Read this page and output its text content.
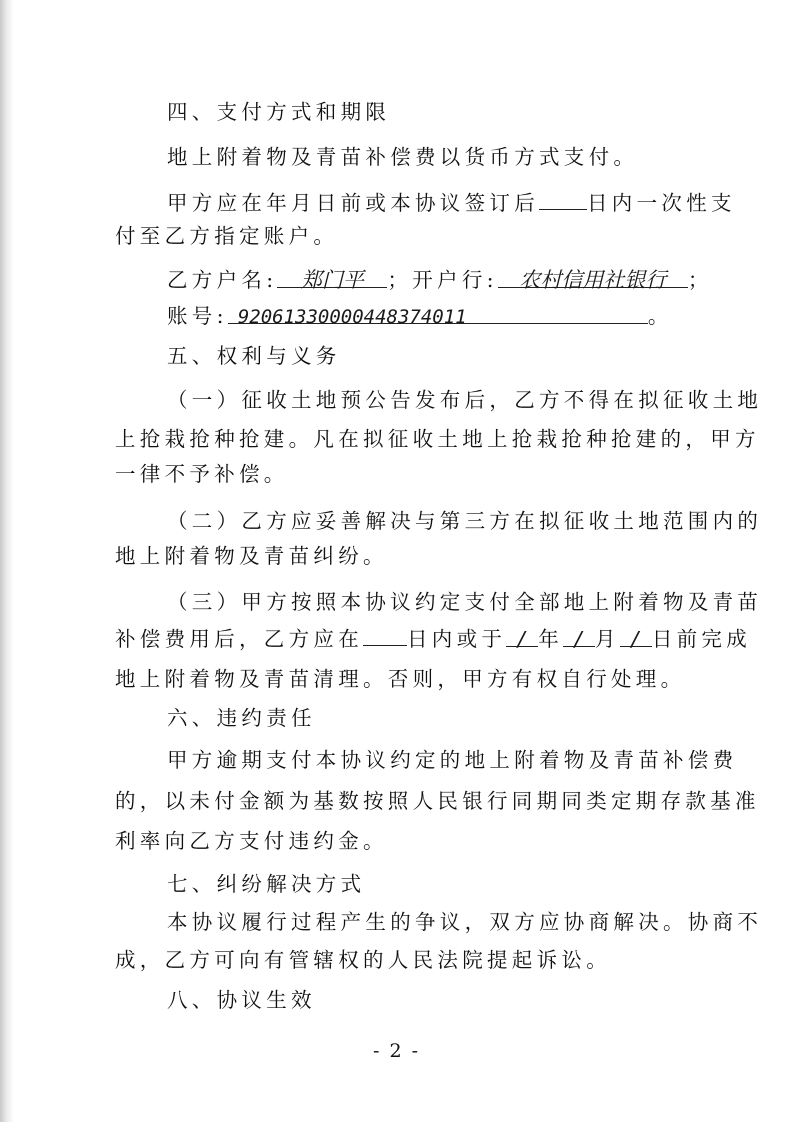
四、支付方式和期限
地上附着物及青苗补偿费以货币方式支付。
甲方应在年月日前或本协议签订后 日内一次性支
付至乙方指定账户。
乙方户名: 郑门平 ；开户行: 农村信用社银行 ；
账号: 92061330000448374011	。
五、权利与义务
（一）征收土地预公告发布后，乙方不得在拟征收土地
上抢栽抢种抢建。凡在拟征收土地上抢栽抢种抢建的，甲方
一律不予补偿。
（二）乙方应妥善解决与第三方在拟征收土地范围内的
地上附着物及青苗纠纷。
（三）甲方按照本协议约定支付全部地上附着物及青苗
补偿费用后，乙方应在 日内或于 / 年 / 月 / 日前完成
地上附着物及青苗清理。否则，甲方有权自行处理。
六、违约责任
甲方逾期支付本协议约定的地上附着物及青苗补偿费
的，以未付金额为基数按照人民银行同期同类定期存款基准
利率向乙方支付违约金。
七、纠纷解决方式
本协议履行过程产生的争议，双方应协商解决。协商不
成，乙方可向有管辖权的人民法院提起诉讼。
八、协议生效
- 2 -
